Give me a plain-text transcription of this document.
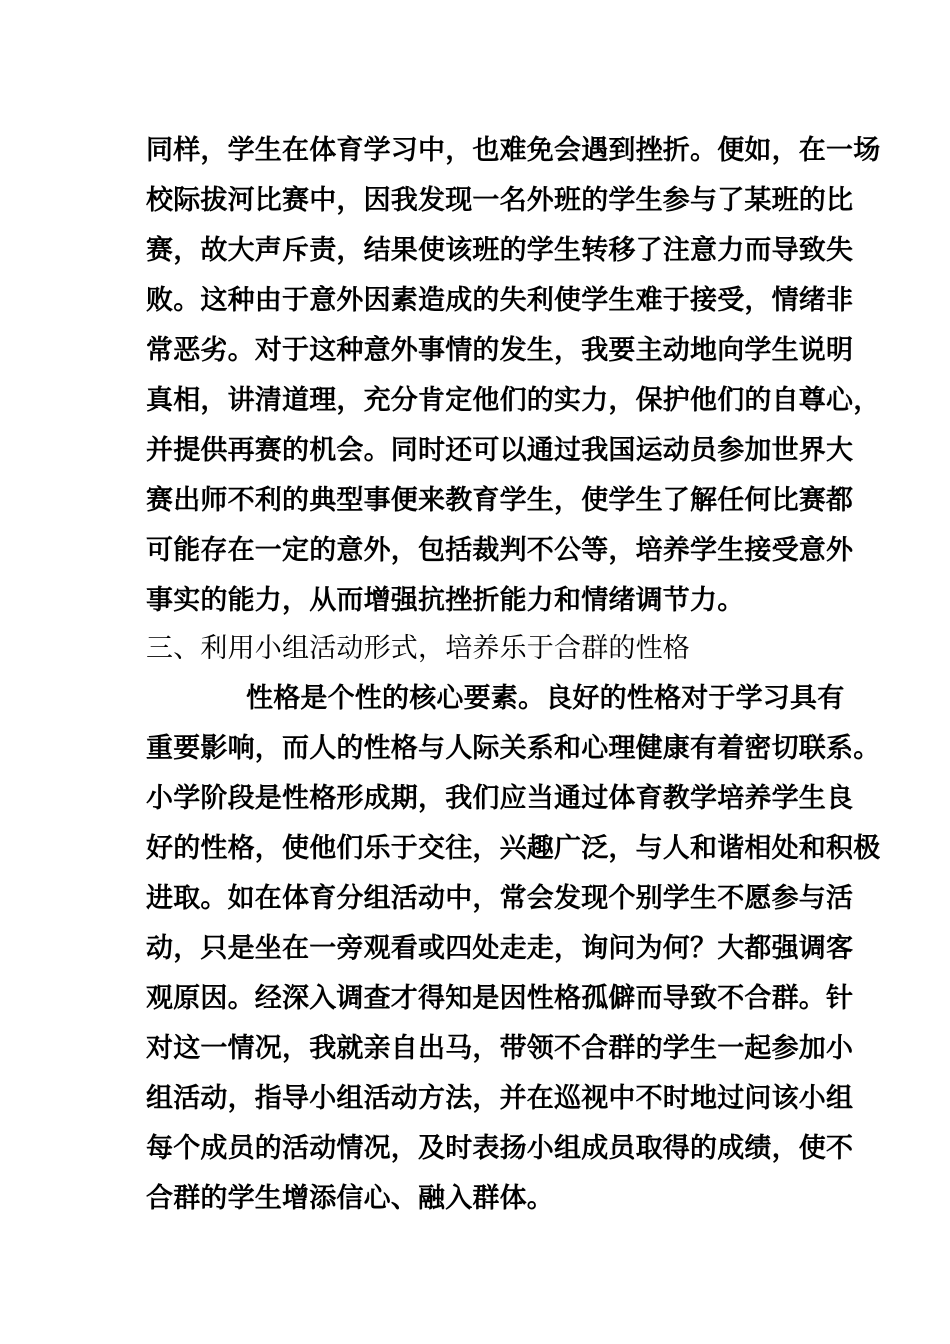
同样，学生在体育学习中，也难免会遇到挫折。便如，在一场
校际拔河比赛中，因我发现一名外班的学生参与了某班的比
赛，故大声斥责，结果使该班的学生转移了注意力而导致失
败。这种由于意外因素造成的失利使学生难于接受，情绪非
常恶劣。对于这种意外事情的发生，我要主动地向学生说明
真相，讲清道理，充分肯定他们的实力，保护他们的自尊心，
并提供再赛的机会。同时还可以通过我国运动员参加世界大
赛出师不利的典型事便来教育学生，使学生了解任何比赛都
可能存在一定的意外，包括裁判不公等，培养学生接受意外
事实的能力，从而增强抗挫折能力和情绪调节力。
三、利用小组活动形式，培养乐于合群的性格
性格是个性的核心要素。良好的性格对于学习具有
重要影响，而人的性格与人际关系和心理健康有着密切联系。
小学阶段是性格形成期，我们应当通过体育教学培养学生良
好的性格，使他们乐于交往，兴趣广泛，与人和谐相处和积极
进取。如在体育分组活动中，常会发现个别学生不愿参与活
动，只是坐在一旁观看或四处走走，询问为何？大都强调客
观原因。经深入调查才得知是因性格孤僻而导致不合群。针
对这一情况，我就亲自出马，带领不合群的学生一起参加小
组活动，指导小组活动方法，并在巡视中不时地过问该小组
每个成员的活动情况，及时表扬小组成员取得的成绩，使不
合群的学生增添信心、融入群体。
